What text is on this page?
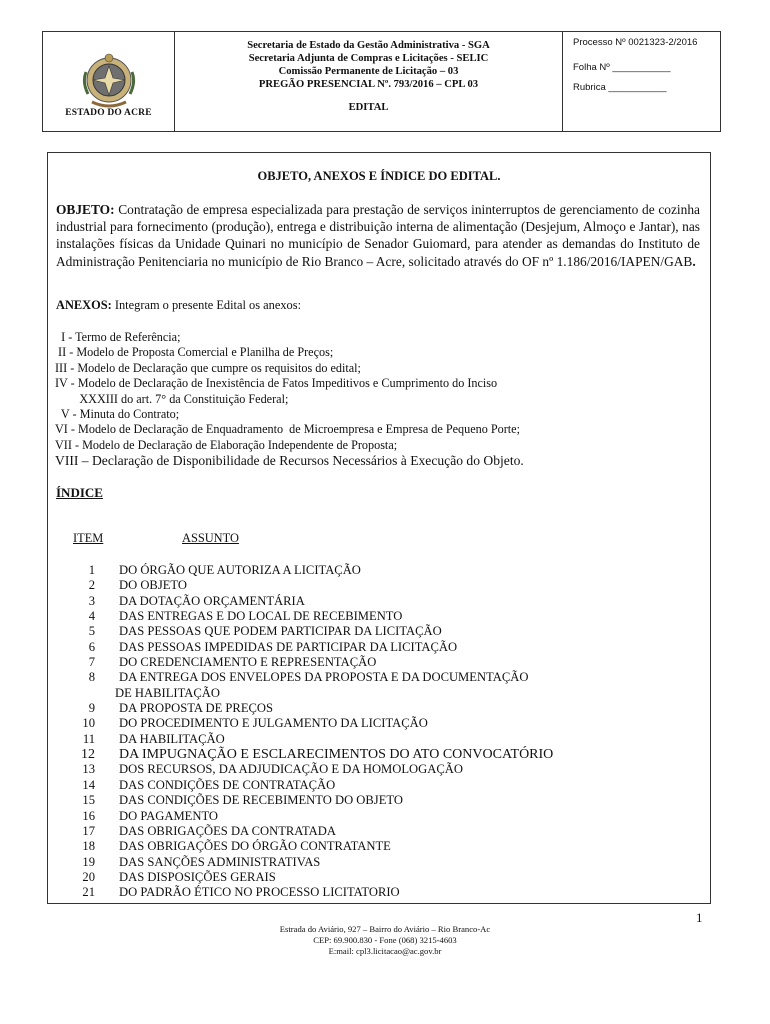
ESTADO DO ACRE
Secretaria de Estado da Gestão Administrativa - SGA
Secretaria Adjunta de Compras e Licitações - SELIC
Comissão Permanente de Licitação – 03
PREGÃO PRESENCIAL Nº. 793/2016 – CPL 03
EDITAL
Processo Nº 0021323-2/2016
Folha Nº ___________
Rubrica ___________
OBJETO, ANEXOS E ÍNDICE DO EDITAL.
OBJETO: Contratação de empresa especializada para prestação de serviços ininterruptos de gerenciamento de cozinha industrial para fornecimento (produção), entrega e distribuição interna de alimentação (Desjejum, Almoço e Jantar), nas instalações físicas da Unidade Quinari no município de Senador Guiomard, para atender as demandas do Instituto de Administração Penitenciaria no município de Rio Branco – Acre, solicitado através do OF nº 1.186/2016/IAPEN/GAB.
ANEXOS: Integram o presente Edital os anexos:
I - Termo de Referência;
II - Modelo de Proposta Comercial e Planilha de Preços;
III - Modelo de Declaração que cumpre os requisitos do edital;
IV - Modelo de Declaração de Inexistência de Fatos Impeditivos e Cumprimento do Inciso
XXXIII do art. 7° da Constituição Federal;
V - Minuta do Contrato;
VI - Modelo de Declaração de Enquadramento  de Microempresa e Empresa de Pequeno Porte;
VII - Modelo de Declaração de Elaboração Independente de Proposta;
VIII – Declaração de Disponibilidade de Recursos Necessários à Execução do Objeto.
ÍNDICE
ITEM	ASSUNTO
1	DO ÓRGÃO QUE AUTORIZA A LICITAÇÃO
2	DO OBJETO
3	DA DOTAÇÃO ORÇAMENTÁRIA
4	DAS ENTREGAS E DO LOCAL DE RECEBIMENTO
5	DAS PESSOAS QUE PODEM PARTICIPAR DA LICITAÇÃO
6	DAS PESSOAS IMPEDIDAS DE PARTICIPAR DA LICITAÇÃO
7	DO CREDENCIAMENTO E REPRESENTAÇÃO
8	DA ENTREGA DOS ENVELOPES DA PROPOSTA E DA DOCUMENTAÇÃO
DE HABILITAÇÃO
9	DA PROPOSTA DE PREÇOS
10	DO PROCEDIMENTO E JULGAMENTO DA LICITAÇÃO
11	DA HABILITAÇÃO
12	DA IMPUGNAÇÃO E ESCLARECIMENTOS DO ATO CONVOCATÓRIO
13	DOS RECURSOS, DA ADJUDICAÇÃO E DA HOMOLOGAÇÃO
14	DAS CONDIÇÕES DE CONTRATAÇÃO
15	DAS CONDIÇÕES DE RECEBIMENTO DO OBJETO
16	DO PAGAMENTO
17	DAS OBRIGAÇÕES DA CONTRATADA
18	DAS OBRIGAÇÕES DO ÓRGÃO CONTRATANTE
19	DAS SANÇÕES ADMINISTRATIVAS
20	DAS DISPOSIÇÕES GERAIS
21	DO PADRÃO ÉTICO NO PROCESSO LICITATORIO
1
Estrada do Aviário, 927 – Bairro do Aviário – Rio Branco-Ac
CEP: 69.900.830 - Fone (068) 3215-4603
E:mail: cpl3.licitacao@ac.gov.br
